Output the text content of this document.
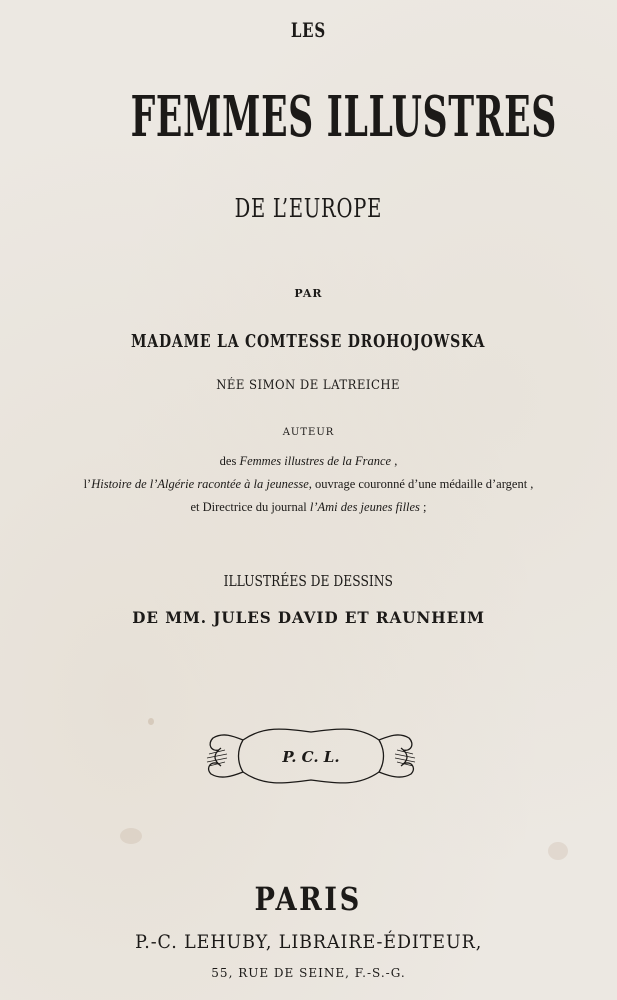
LES
FEMMES ILLUSTRES
DE L’EUROPE
PAR
MADAME LA COMTESSE DROHOJOWSKA
NÉE SIMON DE LATREICHE
AUTEUR
des Femmes illustres de la France ,
l’Histoire de l’Algérie racontée à la jeunesse, ouvrage couronné d’une médaille d’argent ,
et Directrice du journal l’Ami des jeunes filles ;
ILLUSTRÉES DE DESSINS
DE MM. JULES DAVID ET RAUNHEIM
P. C. L.
PARIS
P.-C. LEHUBY, LIBRAIRE-ÉDITEUR,
55, RUE DE SEINE, F.-S.-G.
